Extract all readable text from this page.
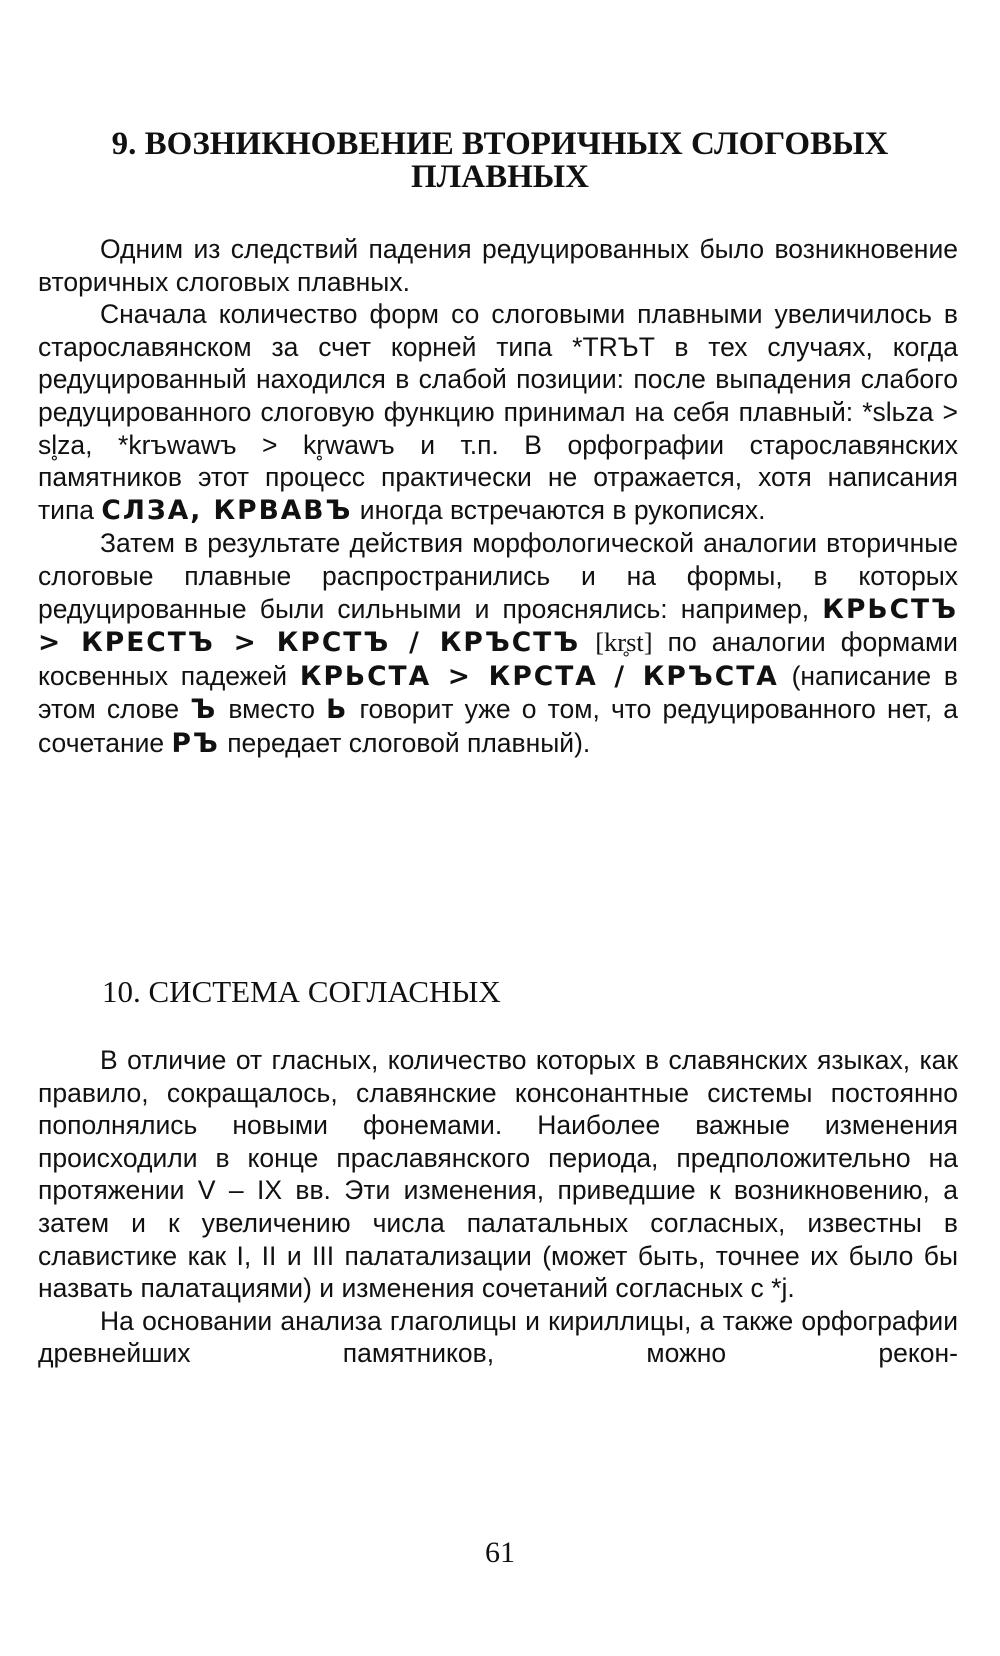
9. ВОЗНИКНОВЕНИЕ ВТОРИЧНЫХ СЛОГОВЫХ ПЛАВНЫХ

Одним из следствий падения редуцированных было возникновение вторичных слоговых плавных.

Сначала количество форм со слоговыми плавными увеличилось в старославянском за счет корней типа *TRЪT в тех случаях, когда редуцированный находился в слабой позиции: после выпадения слабого редуцированного слоговую функцию принимал на себя плавный: *slьza > sl̥za, *krъwawъ > kr̥wawъ и т.п. В орфографии старославянских памятников этот процесс практически не отражается, хотя написания типа СЛЗА, КРВАВЪ иногда встречаются в рукописях.

Затем в результате действия морфологической аналогии вторичные слоговые плавные распространились и на формы, в которых редуцированные были сильными и прояснялись: например, КРЬСТЪ > КРЕСТЪ > КРСТЪ / КРЪСТЪ [kr̥st] по аналогии формами косвенных падежей КРЬСТА > КРСТА / КРЪСТА (написание в этом слове Ъ вместо Ь говорит уже о том, что редуцированного нет, а сочетание РЪ передает слоговой плавный).

10. СИСТЕМА СОГЛАСНЫХ

В отличие от гласных, количество которых в славянских языках, как правило, сокращалось, славянские консонантные системы постоянно пополнялись новыми фонемами. Наиболее важные изменения происходили в конце праславянского периода, предположительно на протяжении V – IX вв. Эти изменения, приведшие к возникновению, а затем и к увеличению числа палатальных согласных, известны в славистике как I, II и III палатализации (может быть, точнее их было бы назвать палатациями) и изменения сочетаний согласных с *j.

На основании анализа глаголицы и кириллицы, а также орфографии древнейших памятников, можно рекон-

61
